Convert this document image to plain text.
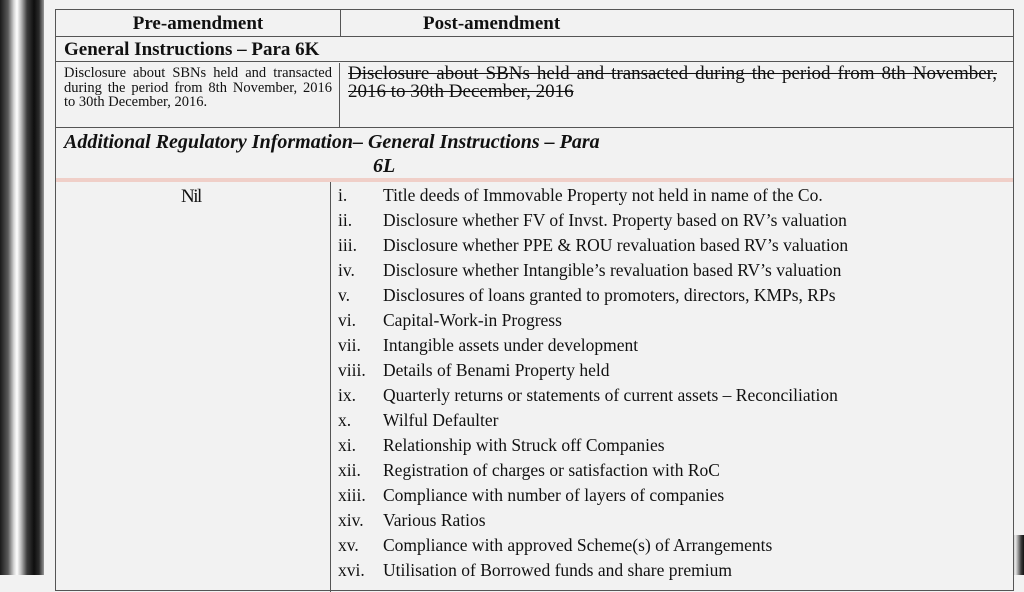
Pre-amendment	Post-amendment
General Instructions – Para 6K
Disclosure about SBNs held and transacted during the period from 8th November, 2016 to 30th December, 2016.
Disclosure about SBNs held and transacted during the period from 8th November, 2016 to 30th December, 2016
Additional Regulatory Information– General Instructions – Para
6L
Nil	i. Title deeds of Immovable Property not held in name of the Co.
ii. Disclosure whether FV of Invst. Property based on RV’s valuation
iii. Disclosure whether PPE & ROU revaluation based RV’s valuation
iv. Disclosure whether Intangible’s revaluation based RV’s valuation
v. Disclosures of loans granted to promoters, directors, KMPs, RPs
vi. Capital-Work-in Progress
vii. Intangible assets under development
viii. Details of Benami Property held
ix. Quarterly returns or statements of current assets – Reconciliation
x. Wilful Defaulter
xi. Relationship with Struck off Companies
xii. Registration of charges or satisfaction with RoC
xiii. Compliance with number of layers of companies
xiv. Various Ratios
xv. Compliance with approved Scheme(s) of Arrangements
xvi. Utilisation of Borrowed funds and share premium
